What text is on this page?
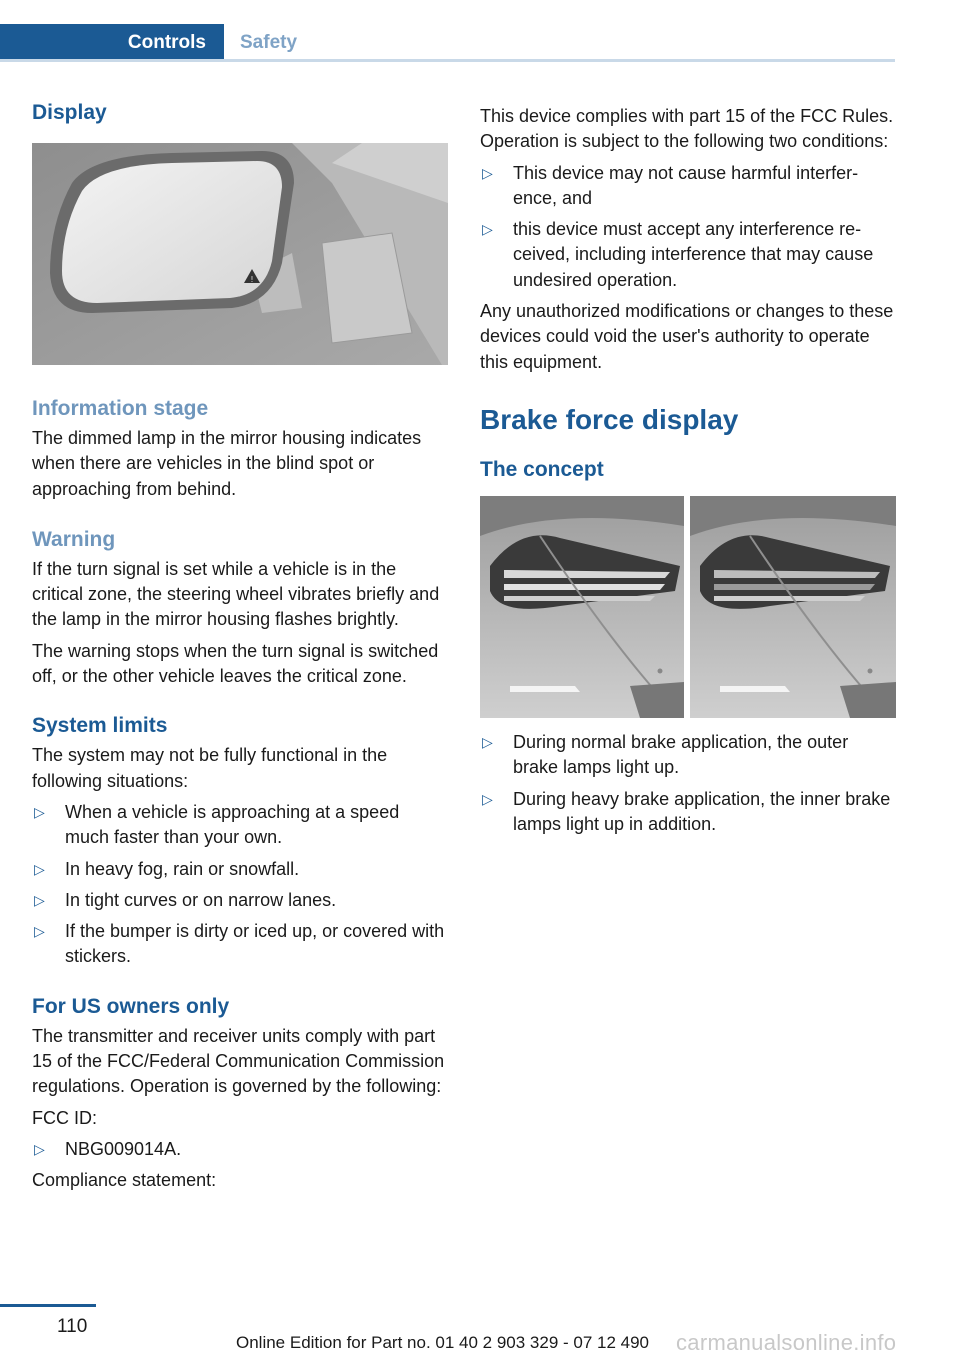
Controls	Safety
Display
!
Information stage

The dimmed lamp in the mirror housing indicates when there are vehicles in the blind spot or approaching from behind.

Warning

If the turn signal is set while a vehicle is in the critical zone, the steering wheel vibrates briefly and the lamp in the mirror housing flashes brightly.

The warning stops when the turn signal is switched off, or the other vehicle leaves the critical zone.

System limits

The system may not be fully functional in the following situations:

▷ When a vehicle is approaching at a speed much faster than your own.
▷ In heavy fog, rain or snowfall.
▷ In tight curves or on narrow lanes.
▷ If the bumper is dirty or iced up, or covered with stickers.
For US owners only

The transmitter and receiver units comply with part 15 of the FCC/Federal Communication Commission regulations. Operation is governed by the following:

FCC ID:

▷ NBG009014A.

Compliance statement:

This device complies with part 15 of the FCC Rules. Operation is subject to the following two conditions:

▷ This device may not cause harmful interference, and
▷ this device must accept any interference received, including interference that may cause undesired operation.

Any unauthorized modifications or changes to these devices could void the user's authority to operate this equipment.

Brake force display
The concept
▷ During normal brake application, the outer brake lamps light up.
▷ During heavy brake application, the inner brake lamps light up in addition.
110
Online Edition for Part no. 01 40 2 903 329 - 07 12 490 carmanualsonline.info
